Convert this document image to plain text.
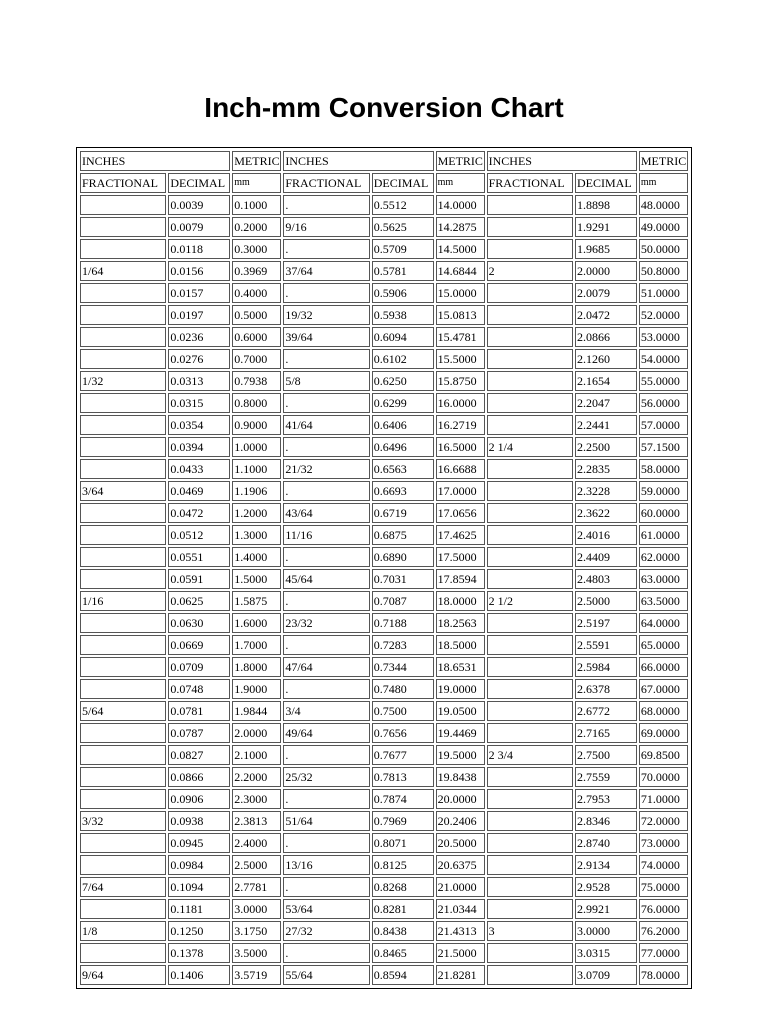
Inch-mm Conversion Chart
INCHES		METRIC	INCHES		METRIC	INCHES		METRIC
FRACTIONAL	DECIMAL	mm	FRACTIONAL	DECIMAL	mm	FRACTIONAL	DECIMAL	mm
	0.0039	0.1000	.	0.5512	14.0000		1.8898	48.0000
	0.0079	0.2000	9/16	0.5625	14.2875		1.9291	49.0000
	0.0118	0.3000	.	0.5709	14.5000		1.9685	50.0000
1/64	0.0156	0.3969	37/64	0.5781	14.6844	2	2.0000	50.8000
	0.0157	0.4000	.	0.5906	15.0000		2.0079	51.0000
	0.0197	0.5000	19/32	0.5938	15.0813		2.0472	52.0000
	0.0236	0.6000	39/64	0.6094	15.4781		2.0866	53.0000
	0.0276	0.7000	.	0.6102	15.5000		2.1260	54.0000
1/32	0.0313	0.7938	5/8	0.6250	15.8750		2.1654	55.0000
	0.0315	0.8000	.	0.6299	16.0000		2.2047	56.0000
	0.0354	0.9000	41/64	0.6406	16.2719		2.2441	57.0000
	0.0394	1.0000	.	0.6496	16.5000	2 1/4	2.2500	57.1500
	0.0433	1.1000	21/32	0.6563	16.6688		2.2835	58.0000
3/64	0.0469	1.1906	.	0.6693	17.0000		2.3228	59.0000
	0.0472	1.2000	43/64	0.6719	17.0656		2.3622	60.0000
	0.0512	1.3000	11/16	0.6875	17.4625		2.4016	61.0000
	0.0551	1.4000	.	0.6890	17.5000		2.4409	62.0000
	0.0591	1.5000	45/64	0.7031	17.8594		2.4803	63.0000
1/16	0.0625	1.5875	.	0.7087	18.0000	2 1/2	2.5000	63.5000
	0.0630	1.6000	23/32	0.7188	18.2563		2.5197	64.0000
	0.0669	1.7000	.	0.7283	18.5000		2.5591	65.0000
	0.0709	1.8000	47/64	0.7344	18.6531		2.5984	66.0000
	0.0748	1.9000	.	0.7480	19.0000		2.6378	67.0000
5/64	0.0781	1.9844	3/4	0.7500	19.0500		2.6772	68.0000
	0.0787	2.0000	49/64	0.7656	19.4469		2.7165	69.0000
	0.0827	2.1000	.	0.7677	19.5000	2 3/4	2.7500	69.8500
	0.0866	2.2000	25/32	0.7813	19.8438		2.7559	70.0000
	0.0906	2.3000	.	0.7874	20.0000		2.7953	71.0000
3/32	0.0938	2.3813	51/64	0.7969	20.2406		2.8346	72.0000
	0.0945	2.4000	.	0.8071	20.5000		2.8740	73.0000
	0.0984	2.5000	13/16	0.8125	20.6375		2.9134	74.0000
7/64	0.1094	2.7781	.	0.8268	21.0000		2.9528	75.0000
	0.1181	3.0000	53/64	0.8281	21.0344		2.9921	76.0000
1/8	0.1250	3.1750	27/32	0.8438	21.4313	3	3.0000	76.2000
	0.1378	3.5000	.	0.8465	21.5000		3.0315	77.0000
9/64	0.1406	3.5719	55/64	0.8594	21.8281		3.0709	78.0000
